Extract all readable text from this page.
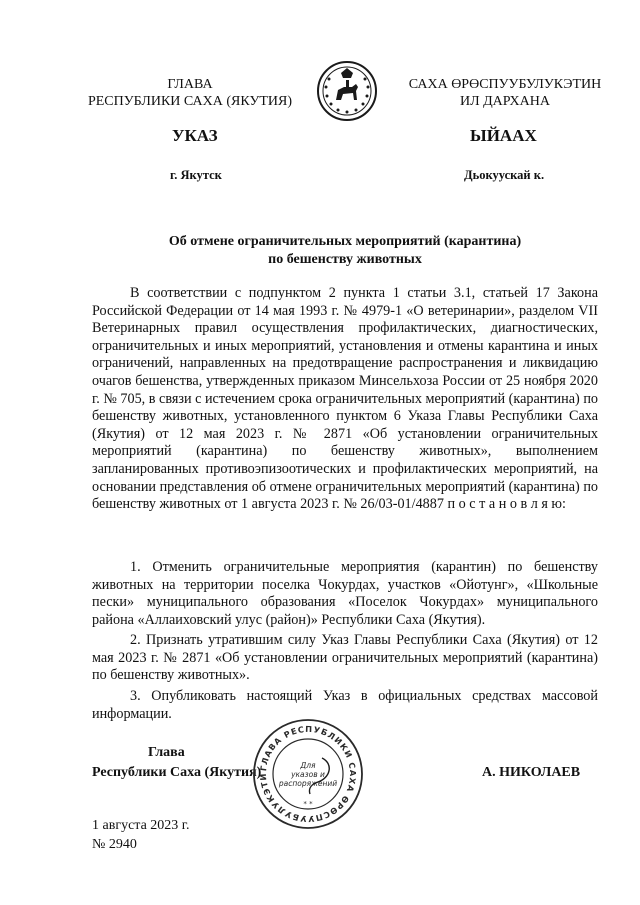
ГЛАВА
РЕСПУБЛИКИ САХА (ЯКУТИЯ)
САХА ӨРӨСПУУБУЛУКЭТИН
ИЛ ДАРХАНА
УКАЗ	ЫЙААХ
г. Якутск	Дьокуускай к.
Об отмене ограничительных мероприятий (карантина)
по бешенству животных
В соответствии с подпунктом 2 пункта 1 статьи 3.1, статьей 17 Закона Российской Федерации от 14 мая 1993 г. № 4979-1 «О ветеринарии», разделом VII Ветеринарных правил осуществления профилактических, диагностических, ограничительных и иных мероприятий, установления и отмены карантина и иных ограничений, направленных на предотвращение распространения и ликвидацию очагов бешенства, утвержденных приказом Минсельхоза России от 25 ноября 2020 г. № 705, в связи с истечением срока ограничительных мероприятий (карантина) по бешенству животных, установленного пунктом 6 Указа Главы Республики Саха (Якутия) от 12 мая 2023 г. № 2871 «Об установлении ограничительных мероприятий (карантина) по бешенству животных», выполнением запланированных противоэпизоотических и профилактических мероприятий, на основании представления об отмене ограничительных мероприятий (карантина) по бешенству животных от 1 августа 2023 г. № 26/03-01/4887 п о с т а н о в л я ю:
1. Отменить ограничительные мероприятия (карантин) по бешенству животных на территории поселка Чокурдах, участков «Ойотунг», «Школьные пески» муниципального образования «Поселок Чокурдах» муниципального района «Аллаиховский улус (район)» Республики Саха (Якутия).
2. Признать утратившим силу Указ Главы Республики Саха (Якутия) от 12 мая 2023 г. № 2871 «Об установлении ограничительных мероприятий (карантина) по бешенству животных».
3. Опубликовать настоящий Указ в официальных средствах массовой информации.
Глава
Республики Саха (Якутия)	А. НИКОЛАЕВ
ГЛАВА РЕСПУБЛИКИ САХА ӨРӨСПУУБУЛУКЭТИ
Для
указов и
распоряжений
* *
1 августа 2023 г.
№ 2940
